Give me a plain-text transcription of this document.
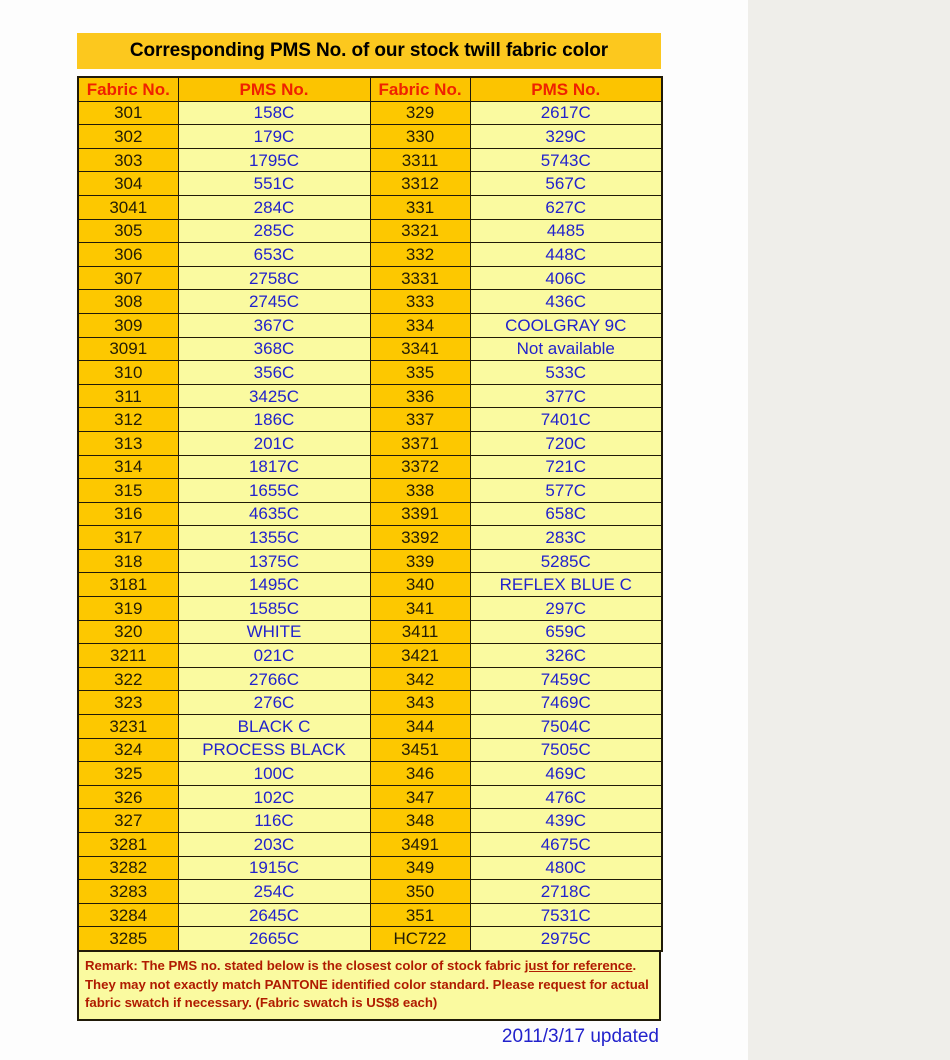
Corresponding PMS No. of our stock twill fabric color
Fabric No.	PMS No.	Fabric No.	PMS No.
301	158C	329	2617C
302	179C	330	329C
303	1795C	3311	5743C
304	551C	3312	567C
3041	284C	331	627C
305	285C	3321	4485
306	653C	332	448C
307	2758C	3331	406C
308	2745C	333	436C
309	367C	334	COOLGRAY 9C
3091	368C	3341	Not available
310	356C	335	533C
311	3425C	336	377C
312	186C	337	7401C
313	201C	3371	720C
314	1817C	3372	721C
315	1655C	338	577C
316	4635C	3391	658C
317	1355C	3392	283C
318	1375C	339	5285C
3181	1495C	340	REFLEX BLUE C
319	1585C	341	297C
320	WHITE	3411	659C
3211	021C	3421	326C
322	2766C	342	7459C
323	276C	343	7469C
3231	BLACK C	344	7504C
324	PROCESS BLACK	3451	7505C
325	100C	346	469C
326	102C	347	476C
327	116C	348	439C
3281	203C	3491	4675C
3282	1915C	349	480C
3283	254C	350	2718C
3284	2645C	351	7531C
3285	2665C	HC722	2975C
Remark: The PMS no. stated below is the closest color of stock fabric just for reference. They may not exactly match PANTONE identified color standard. Please request for actual fabric swatch if necessary. (Fabric swatch is US$8 each)
2011/3/17 updated
